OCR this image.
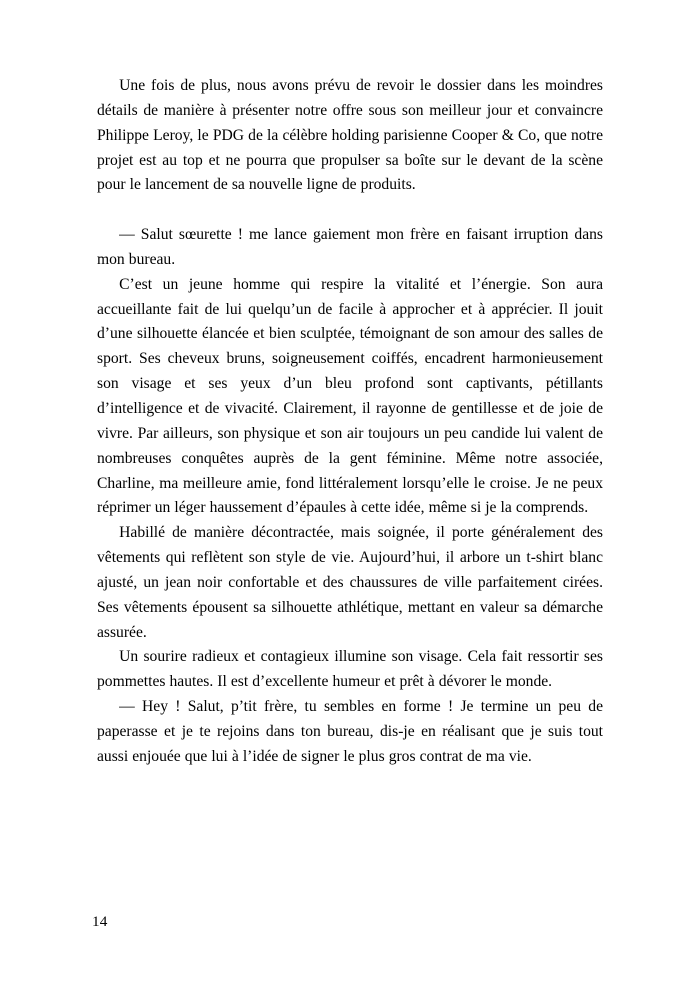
Une fois de plus, nous avons prévu de revoir le dossier dans les moindres détails de manière à présenter notre offre sous son meilleur jour et convaincre Philippe Leroy, le PDG de la célèbre holding parisienne Cooper & Co, que notre projet est au top et ne pourra que propulser sa boîte sur le devant de la scène pour le lancement de sa nouvelle ligne de produits.

— Salut sœurette ! me lance gaiement mon frère en faisant irruption dans mon bureau.

C’est un jeune homme qui respire la vitalité et l’énergie. Son aura accueillante fait de lui quelqu’un de facile à approcher et à apprécier. Il jouit d’une silhouette élancée et bien sculptée, témoignant de son amour des salles de sport. Ses cheveux bruns, soigneusement coiffés, encadrent harmonieusement son visage et ses yeux d’un bleu profond sont captivants, pétillants d’intelligence et de vivacité. Clairement, il rayonne de gentillesse et de joie de vivre. Par ailleurs, son physique et son air toujours un peu candide lui valent de nombreuses conquêtes auprès de la gent féminine. Même notre associée, Charline, ma meilleure amie, fond littéralement lorsqu’elle le croise. Je ne peux réprimer un léger haussement d’épaules à cette idée, même si je la comprends.

Habillé de manière décontractée, mais soignée, il porte généralement des vêtements qui reflètent son style de vie. Aujourd’hui, il arbore un t-shirt blanc ajusté, un jean noir confortable et des chaussures de ville parfaitement cirées. Ses vêtements épousent sa silhouette athlétique, mettant en valeur sa démarche assurée.

Un sourire radieux et contagieux illumine son visage. Cela fait ressortir ses pommettes hautes. Il est d’excellente humeur et prêt à dévorer le monde.

— Hey ! Salut, p’tit frère, tu sembles en forme ! Je termine un peu de paperasse et je te rejoins dans ton bureau, dis-je en réalisant que je suis tout aussi enjouée que lui à l’idée de signer le plus gros contrat de ma vie.

14
